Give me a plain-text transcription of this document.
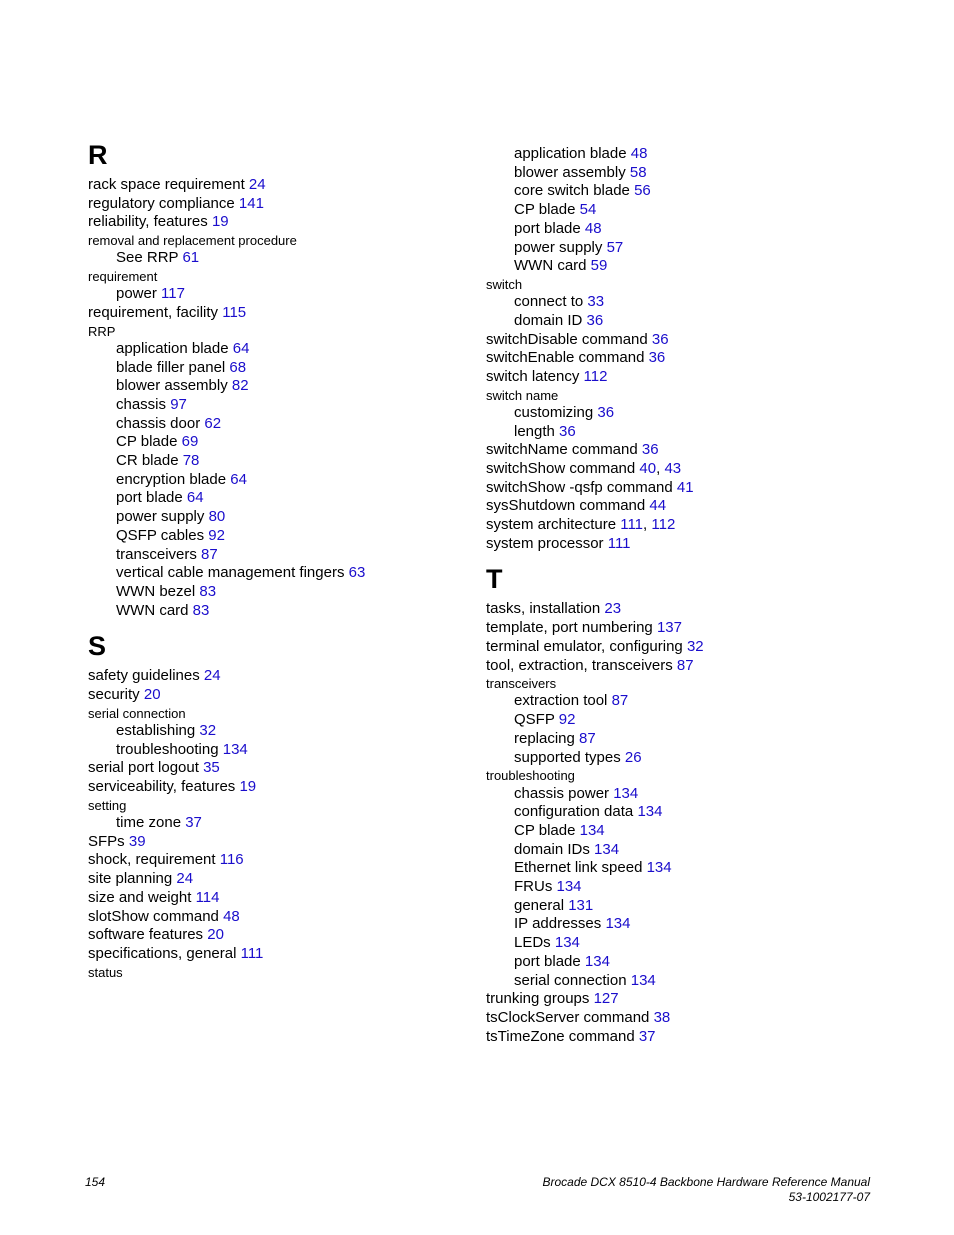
R
rack space requirement 24
regulatory compliance 141
reliability, features 19
removal and replacement procedure
See RRP 61
requirement
power 117
requirement, facility 115
RRP
application blade 64
blade filler panel 68
blower assembly 82
chassis 97
chassis door 62
CP blade 69
CR blade 78
encryption blade 64
port blade 64
power supply 80
QSFP cables 92
transceivers 87
vertical cable management fingers 63
WWN bezel 83
WWN card 83
S
safety guidelines 24
security 20
serial connection
establishing 32
troubleshooting 134
serial port logout 35
serviceability, features 19
setting
time zone 37
SFPs 39
shock, requirement 116
site planning 24
size and weight 114
slotShow command 48
software features 20
specifications, general 111
status
application blade 48
blower assembly 58
core switch blade 56
CP blade 54
port blade 48
power supply 57
WWN card 59
switch
connect to 33
domain ID 36
switchDisable command 36
switchEnable command 36
switch latency 112
switch name
customizing 36
length 36
switchName command 36
switchShow command 40, 43
switchShow -qsfp command 41
sysShutdown command 44
system architecture 111, 112
system processor 111
T
tasks, installation 23
template, port numbering 137
terminal emulator, configuring 32
tool, extraction, transceivers 87
transceivers
extraction tool 87
QSFP 92
replacing 87
supported types 26
troubleshooting
chassis power 134
configuration data 134
CP blade 134
domain IDs 134
Ethernet link speed 134
FRUs 134
general 131
IP addresses 134
LEDs 134
port blade 134
serial connection 134
trunking groups 127
tsClockServer command 38
tsTimeZone command 37
154	Brocade DCX 8510-4 Backbone Hardware Reference Manual
53-1002177-07
